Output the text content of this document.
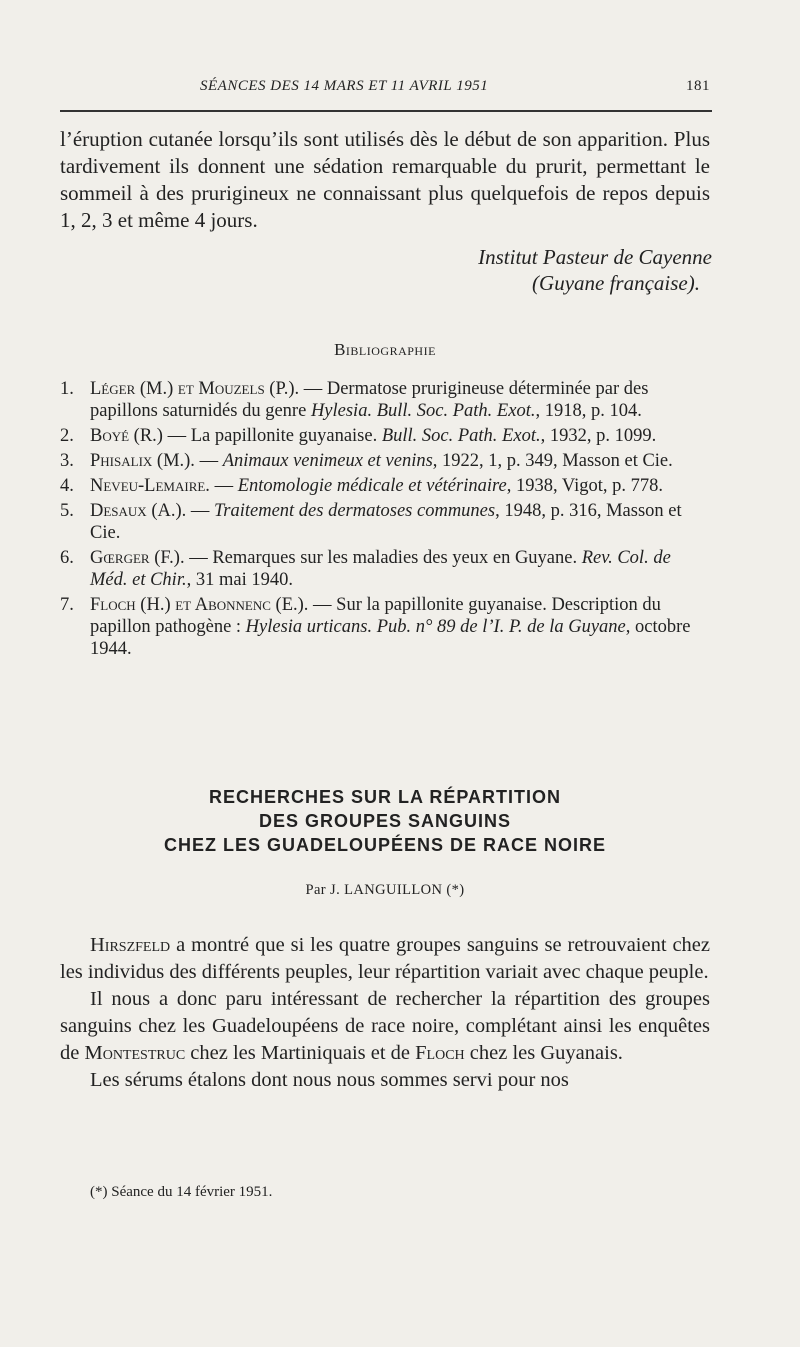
SÉANCES DES 14 MARS ET 11 AVRIL 1951	181
l’éruption cutanée lorsqu’ils sont utilisés dès le début de son apparition. Plus tardivement ils donnent une sédation remarquable du prurit, permettant le sommeil à des prurigineux ne connaissant plus quelquefois de repos depuis 1, 2, 3 et même 4 jours.
Institut Pasteur de Cayenne
(Guyane française).
Bibliographie
1. Léger (M.) et Mouzels (P.). — Dermatose prurigineuse déterminée par des papillons saturnidés du genre Hylesia. Bull. Soc. Path. Exot., 1918, p. 104.
2. Boyé (R.) — La papillonite guyanaise. Bull. Soc. Path. Exot., 1932, p. 1099.
3. Phisalix (M.). — Animaux venimeux et venins, 1922, 1, p. 349, Masson et Cie.
4. Neveu-Lemaire. — Entomologie médicale et vétérinaire, 1938, Vigot, p. 778.
5. Desaux (A.). — Traitement des dermatoses communes, 1948, p. 316, Masson et Cie.
6. Gœrger (F.). — Remarques sur les maladies des yeux en Guyane. Rev. Col. de Méd. et Chir., 31 mai 1940.
7. Floch (H.) et Abonnenc (E.). — Sur la papillonite guyanaise. Description du papillon pathogène : Hylesia urticans. Pub. n° 89 de l’I. P. de la Guyane, octobre 1944.
RECHERCHES SUR LA RÉPARTITION
DES GROUPES SANGUINS
CHEZ LES GUADELOUPÉENS DE RACE NOIRE
Par J. LANGUILLON (*)

Hirszfeld a montré que si les quatre groupes sanguins se retrouvaient chez les individus des différents peuples, leur répartition variait avec chaque peuple.

Il nous a donc paru intéressant de rechercher la répartition des groupes sanguins chez les Guadeloupéens de race noire, complétant ainsi les enquêtes de Montestruc chez les Martiniquais et de Floch chez les Guyanais.

Les sérums étalons dont nous nous sommes servi pour nos

(*) Séance du 14 février 1951.
